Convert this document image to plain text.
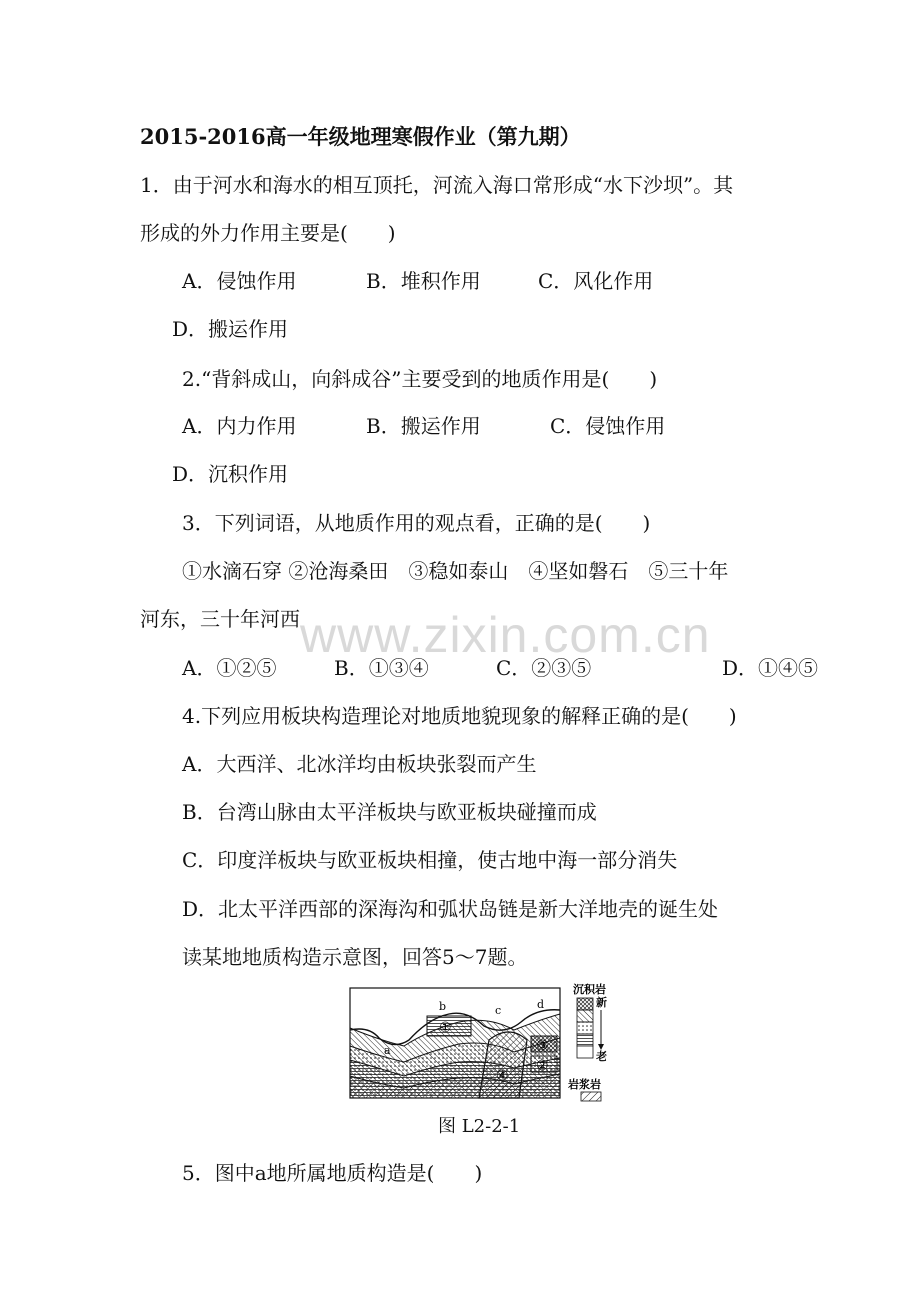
www.zixin.com.cn
2015-2016高一年级地理寒假作业（第九期）
1．由于河水和海水的相互顶托，河流入海口常形成“水下沙坝”。其
形成的外力作用主要是(　　)
A．侵蚀作用	B．堆积作用	C．风化作用
D．搬运作用
2.“背斜成山，向斜成谷”主要受到的地质作用是(　　)
A．内力作用	B．搬运作用	C．侵蚀作用
D．沉积作用
3．下列词语，从地质作用的观点看，正确的是(　　)
①水滴石穿 ②沧海桑田　③稳如泰山　④坚如磐石　⑤三十年
河东，三十年河西
A．①②⑤	B．①③④	C．②③⑤	D．①④⑤
4.下列应用板块构造理论对地质地貌现象的解释正确的是(　　)
A．大西洋、北冰洋均由板块张裂而产生
B．台湾山脉由太平洋板块与欧亚板块碰撞而成
C．印度洋板块与欧亚板块相撞，使古地中海一部分消失
D．北太平洋西部的深海沟和弧状岛链是新大洋地壳的诞生处
读某地地质构造示意图，回答5～7题。
a
b	c	d
①
②
③
④
沉积岩
新
老
岩浆岩
图 L2-2-1
5．图中a地所属地质构造是(　　)
